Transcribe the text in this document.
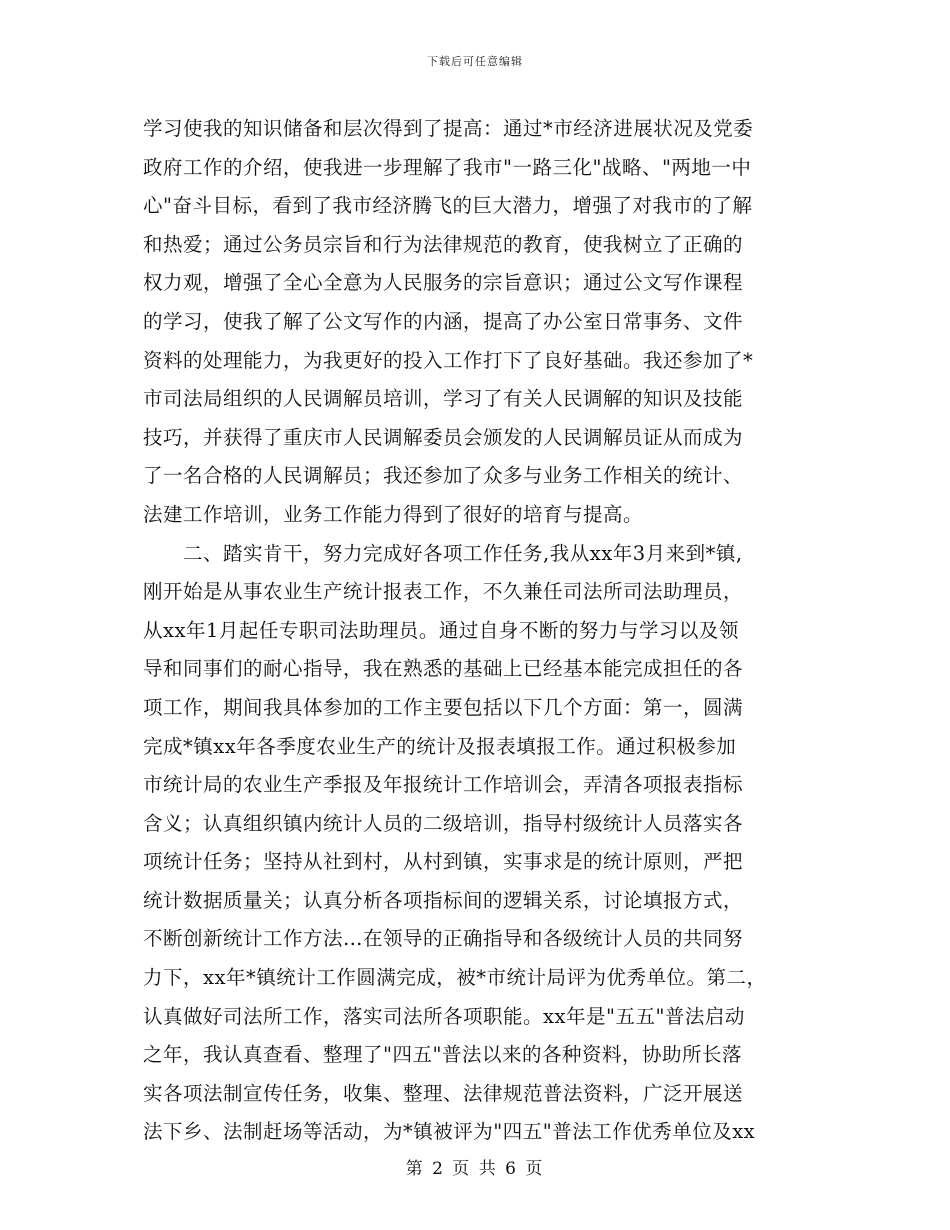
下载后可任意编辑
学习使我的知识储备和层次得到了提高：通过*市经济进展状况及党委
政府工作的介绍，使我进一步理解了我市"一路三化"战略、"两地一中
心"奋斗目标，看到了我市经济腾飞的巨大潜力，增强了对我市的了解
和热爱；通过公务员宗旨和行为法律规范的教育，使我树立了正确的
权力观，增强了全心全意为人民服务的宗旨意识；通过公文写作课程
的学习，使我了解了公文写作的内涵，提高了办公室日常事务、文件
资料的处理能力，为我更好的投入工作打下了良好基础。我还参加了*
市司法局组织的人民调解员培训，学习了有关人民调解的知识及技能
技巧，并获得了重庆市人民调解委员会颁发的人民调解员证从而成为
了一名合格的人民调解员；我还参加了众多与业务工作相关的统计、
法建工作培训，业务工作能力得到了很好的培育与提高。
　　二、踏实肯干，努力完成好各项工作任务,我从xx年3月来到*镇,
刚开始是从事农业生产统计报表工作，不久兼任司法所司法助理员，
从xx年1月起任专职司法助理员。通过自身不断的努力与学习以及领
导和同事们的耐心指导，我在熟悉的基础上已经基本能完成担任的各
项工作，期间我具体参加的工作主要包括以下几个方面：第一，圆满
完成*镇xx年各季度农业生产的统计及报表填报工作。通过积极参加
市统计局的农业生产季报及年报统计工作培训会，弄清各项报表指标
含义；认真组织镇内统计人员的二级培训，指导村级统计人员落实各
项统计任务；坚持从社到村，从村到镇，实事求是的统计原则，严把
统计数据质量关；认真分析各项指标间的逻辑关系，讨论填报方式，
不断创新统计工作方法…在领导的正确指导和各级统计人员的共同努
力下，xx年*镇统计工作圆满完成，被*市统计局评为优秀单位。第二，
认真做好司法所工作，落实司法所各项职能。xx年是"五五"普法启动
之年，我认真查看、整理了"四五"普法以来的各种资料，协助所长落
实各项法制宣传任务，收集、整理、法律规范普法资料，广泛开展送
法下乡、法制赶场等活动，为*镇被评为"四五"普法工作优秀单位及xx
第 2 页 共 6 页
